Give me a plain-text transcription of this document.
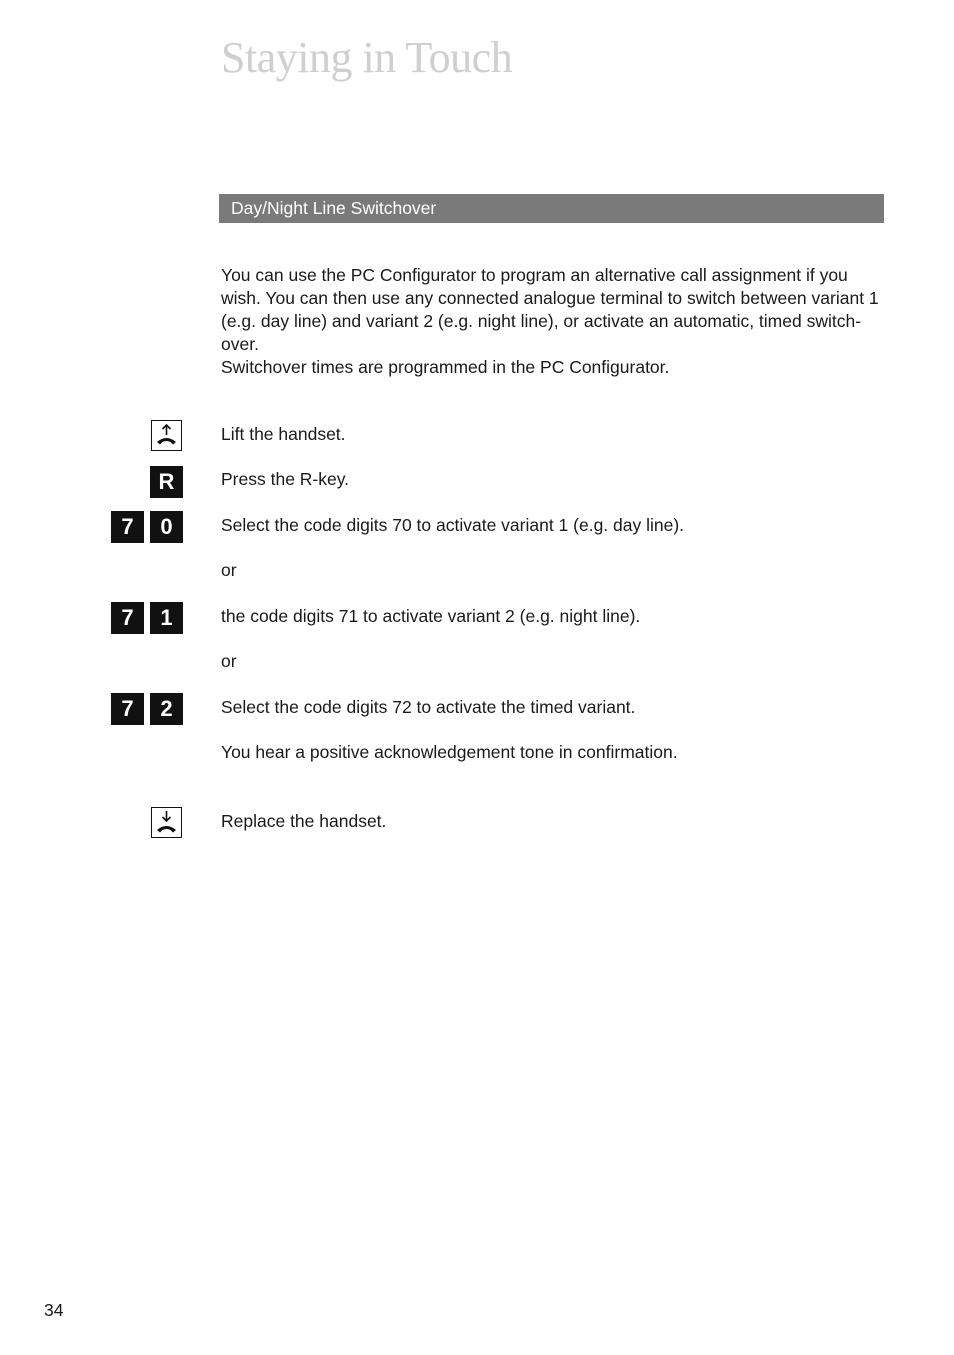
Staying in Touch
Day/Night Line Switchover

You can use the PC Configurator to program an alternative call assignment if you wish. You can then use any connected analogue terminal to switch between variant 1 (e.g. day line) and variant 2 (e.g. night line), or activate an automatic, timed switch-over.

Switchover times are programmed in the PC Configurator.

Lift the handset.
R	Press the R-key.
7	0	Select the code digits 70 to activate variant 1 (e.g. day line).
or
7	1	the code digits 71 to activate variant 2 (e.g. night line).
or
7	2	Select the code digits 72 to activate the timed variant.
You hear a positive acknowledgement tone in confirmation.
Replace the handset.
34
